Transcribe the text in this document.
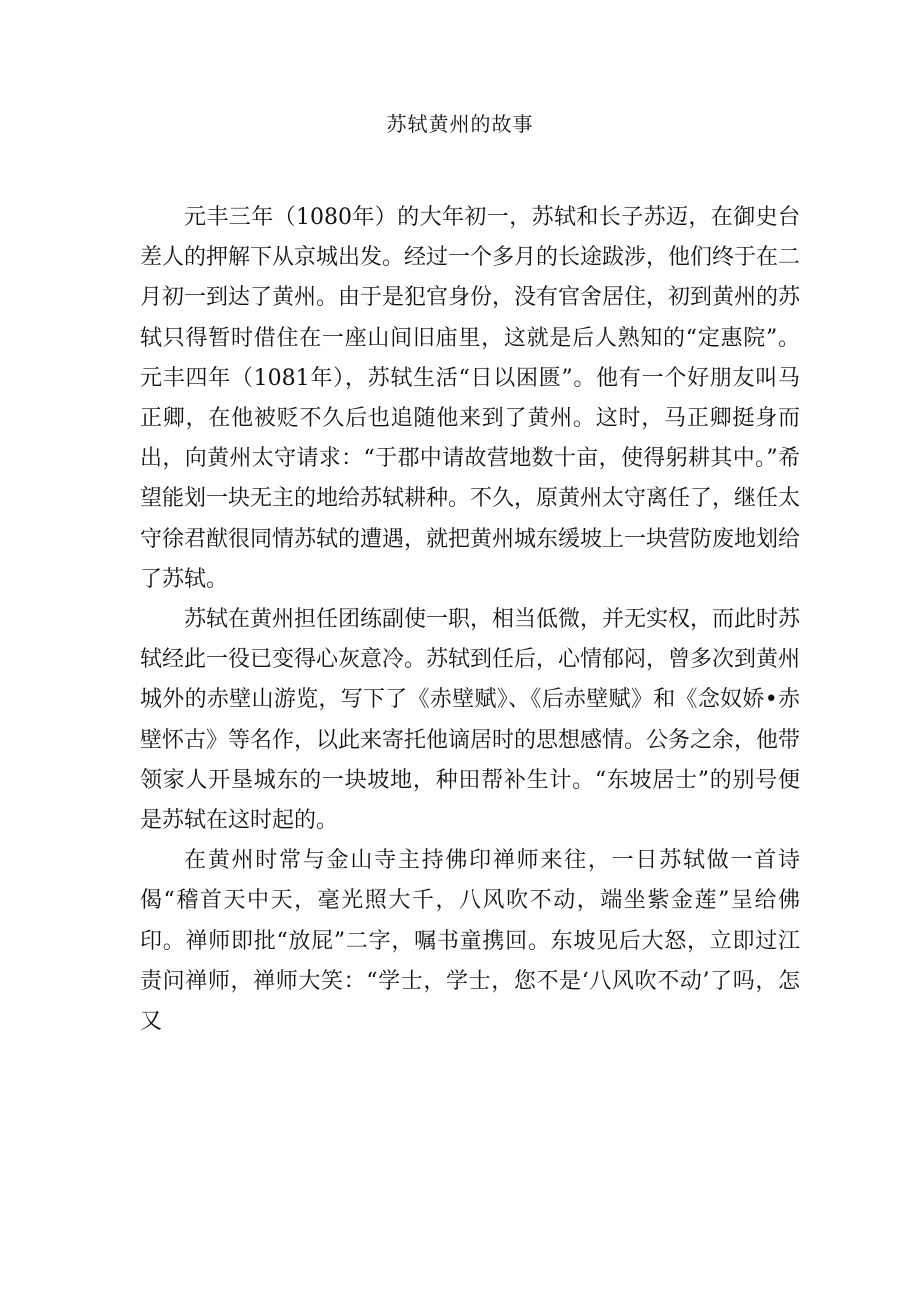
苏轼黄州的故事

元丰三年（1080年）的大年初一，苏轼和长子苏迈，在御史台差人的押解下从京城出发。经过一个多月的长途跋涉，他们终于在二月初一到达了黄州。由于是犯官身份，没有官舍居住，初到黄州的苏轼只得暂时借住在一座山间旧庙里，这就是后人熟知的“定惠院”。元丰四年（1081年），苏轼生活“日以困匮”。他有一个好朋友叫马正卿，在他被贬不久后也追随他来到了黄州。这时，马正卿挺身而出，向黄州太守请求：“于郡中请故营地数十亩，使得躬耕其中。”希望能划一块无主的地给苏轼耕种。不久，原黄州太守离任了，继任太守徐君猷很同情苏轼的遭遇，就把黄州城东缓坡上一块营防废地划给了苏轼。

苏轼在黄州担任团练副使一职，相当低微，并无实权，而此时苏轼经此一役已变得心灰意冷。苏轼到任后，心情郁闷，曾多次到黄州城外的赤壁山游览，写下了《赤壁赋》、《后赤壁赋》和《念奴娇•赤壁怀古》等名作，以此来寄托他谪居时的思想感情。公务之余，他带领家人开垦城东的一块坡地，种田帮补生计。“东坡居士”的别号便是苏轼在这时起的。

在黄州时常与金山寺主持佛印禅师来往，一日苏轼做一首诗偈“稽首天中天，毫光照大千，八风吹不动，端坐紫金莲”呈给佛印。禅师即批“放屁”二字，嘱书童携回。东坡见后大怒，立即过江责问禅师，禅师大笑：“学士，学士，您不是‘八风吹不动’了吗，怎又
